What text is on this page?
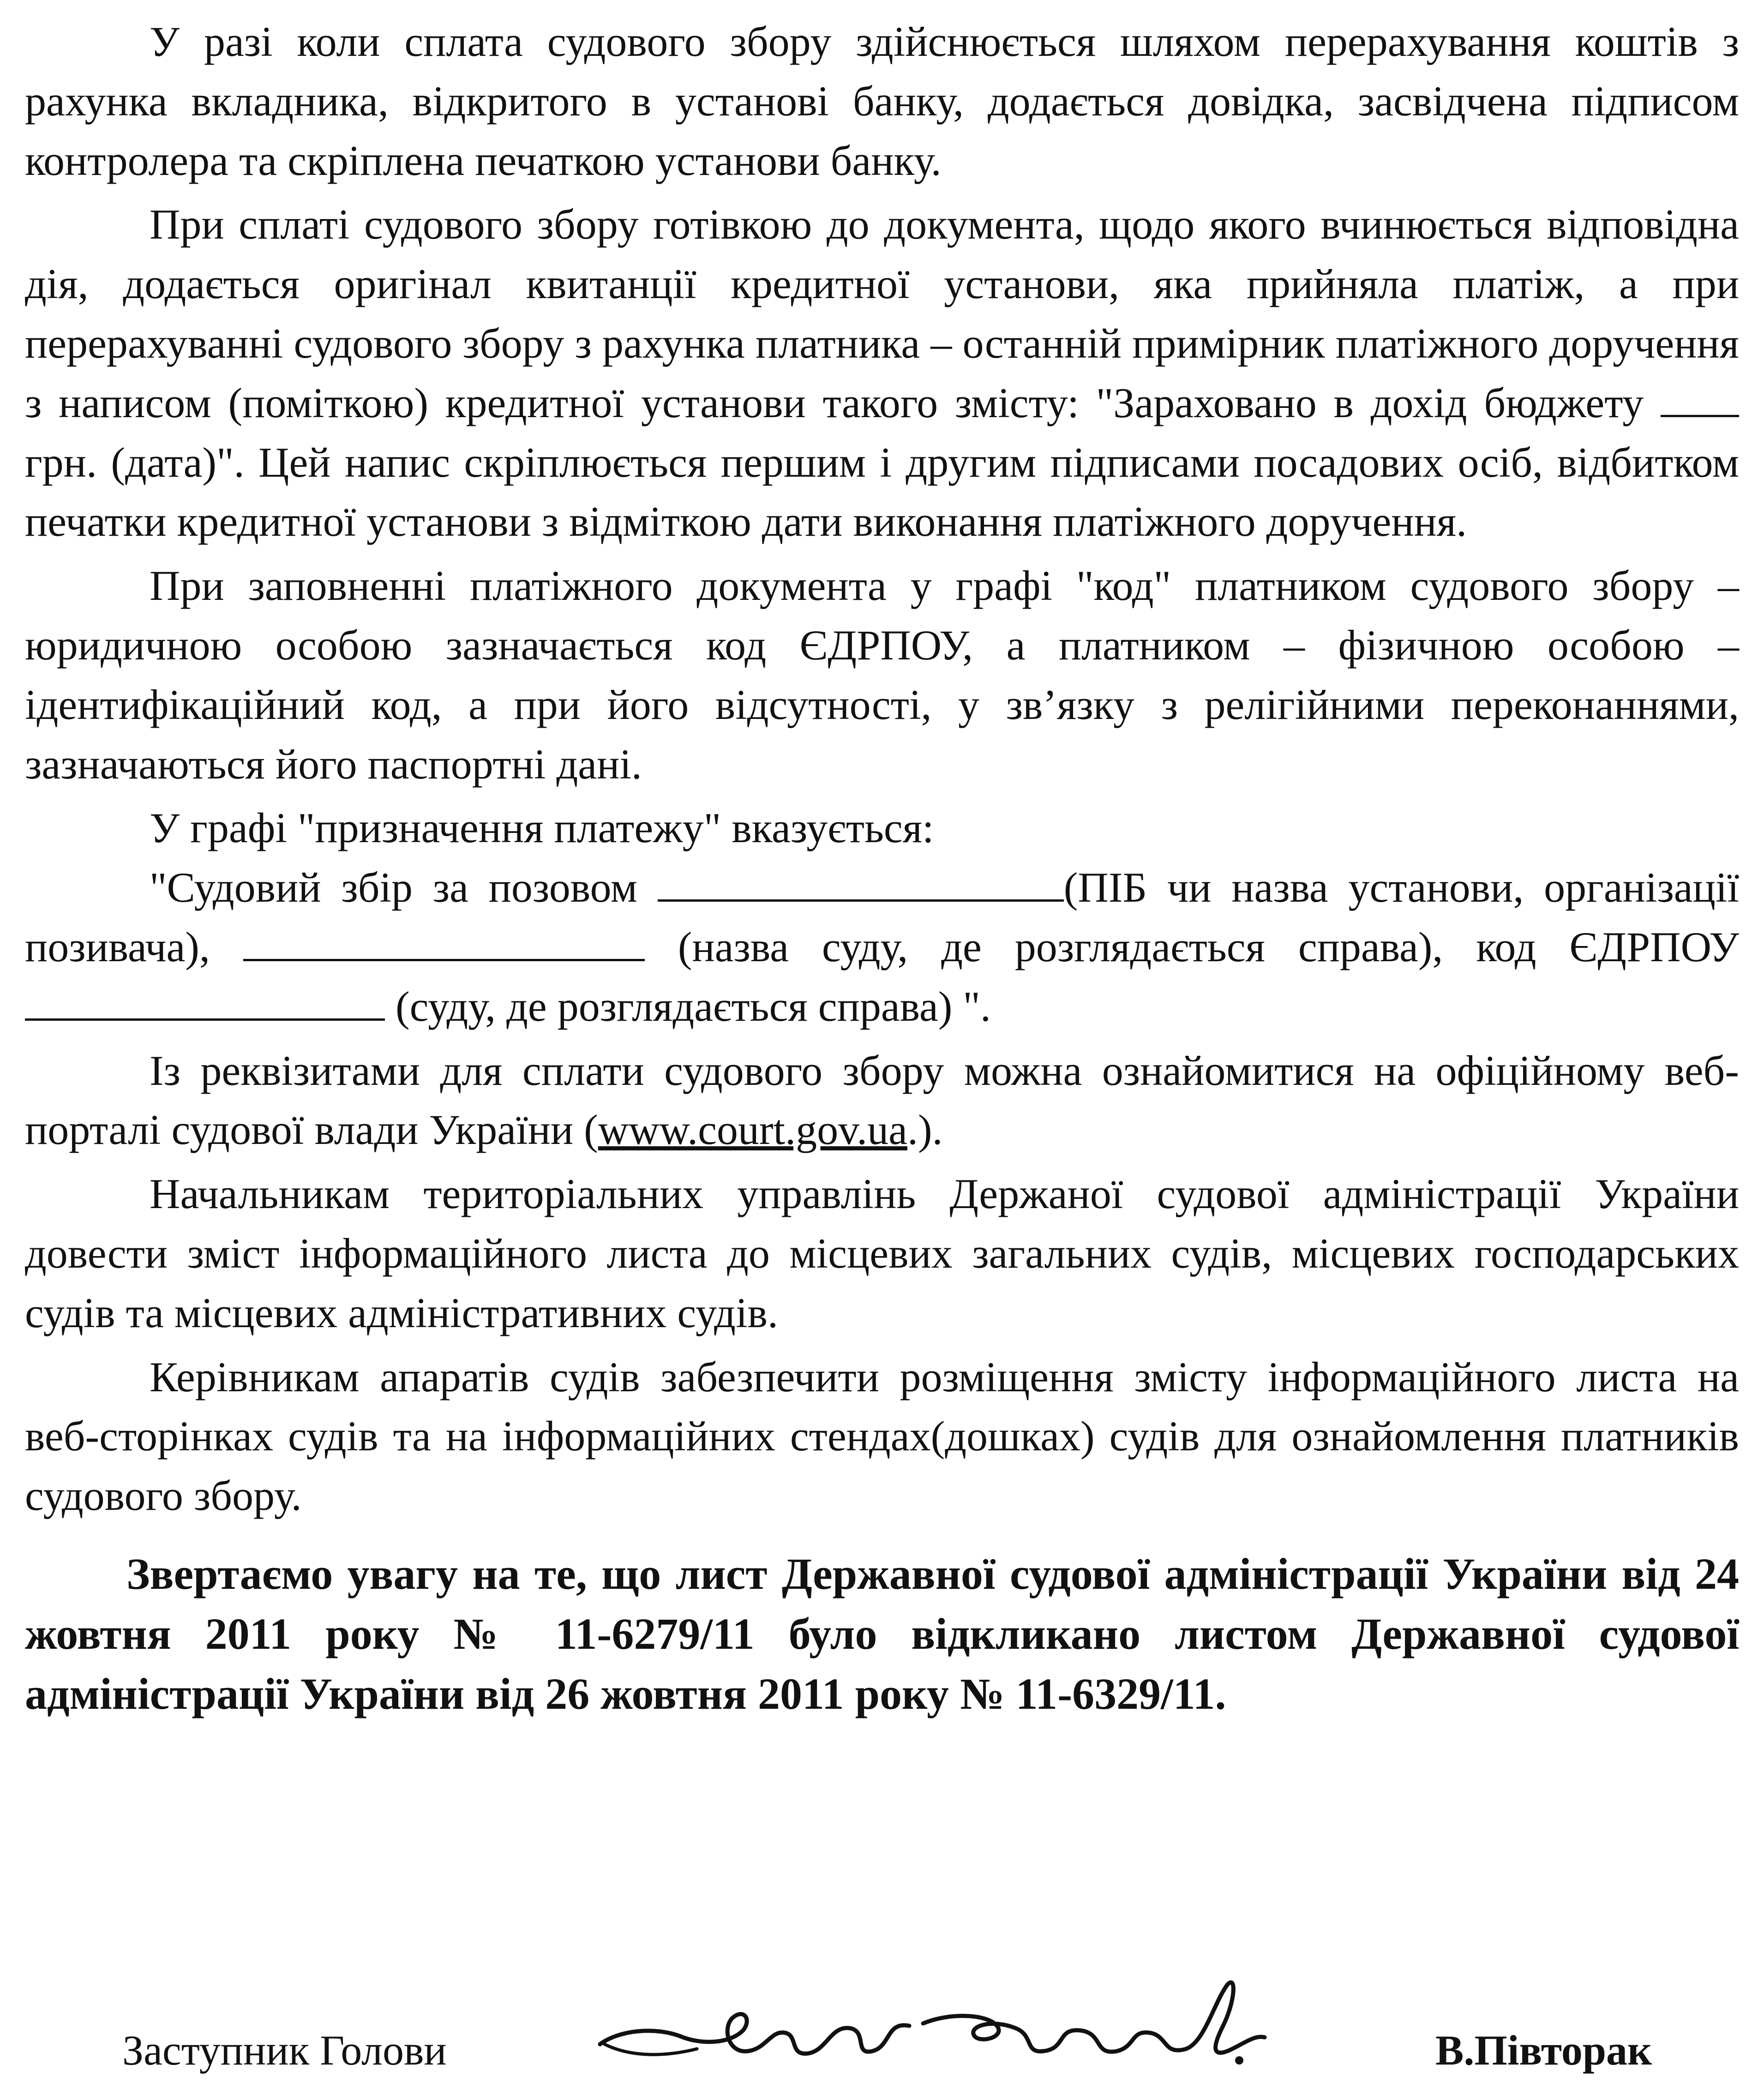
У разі коли сплата судового збору здійснюється шляхом перерахування коштів з рахунка вкладника, відкритого в установі банку, додається довідка, засвідчена підписом контролера та скріплена печаткою установи банку.

При сплаті судового збору готівкою до документа, щодо якого вчинюється відповідна дія, додається оригінал квитанції кредитної установи, яка прийняла платіж, а при перерахуванні судового збору з рахунка платника – останній примірник платіжного доручення з написом (поміткою) кредитної установи такого змісту: "Зараховано в дохід бюджету  грн. (дата)". Цей напис скріплюється першим і другим підписами посадових осіб, відбитком печатки кредитної установи з відміткою дати виконання платіжного доручення.

При заповненні платіжного документа у графі "код" платником судового збору – юридичною особою зазначається код ЄДРПОУ, а платником – фізичною особою – ідентифікаційний код, а при його відсутності, у зв’язку з релігійними переконаннями, зазначаються його паспортні дані.

У графі "призначення платежу" вказується:

"Судовий збір за позовом	(ПІБ чи назва установи, організації позивача),	(назва суду, де розглядається справа), код ЄДРПОУ  (суду, де розглядається справа) ".

Із реквізитами для сплати судового збору можна ознайомитися на офіційному веб-порталі судової влади України (www.court.gov.ua.).

Начальникам територіальних управлінь Держаної судової адміністрації України довести зміст інформаційного листа до місцевих загальних судів, місцевих господарських судів та місцевих адміністративних судів.

Керівникам апаратів судів забезпечити розміщення змісту інформаційного листа на веб-сторінках судів та на інформаційних стендах(дошках) судів для ознайомлення платників судового збору.

Звертаємо увагу на те, що лист Державної судової адміністрації України від 24 жовтня 2011 року № 11-6279/11 було відкликано листом Державної судової адміністрації України від 26 жовтня 2011 року № 11-6329/11.

Заступник Голови	В.Півторак
